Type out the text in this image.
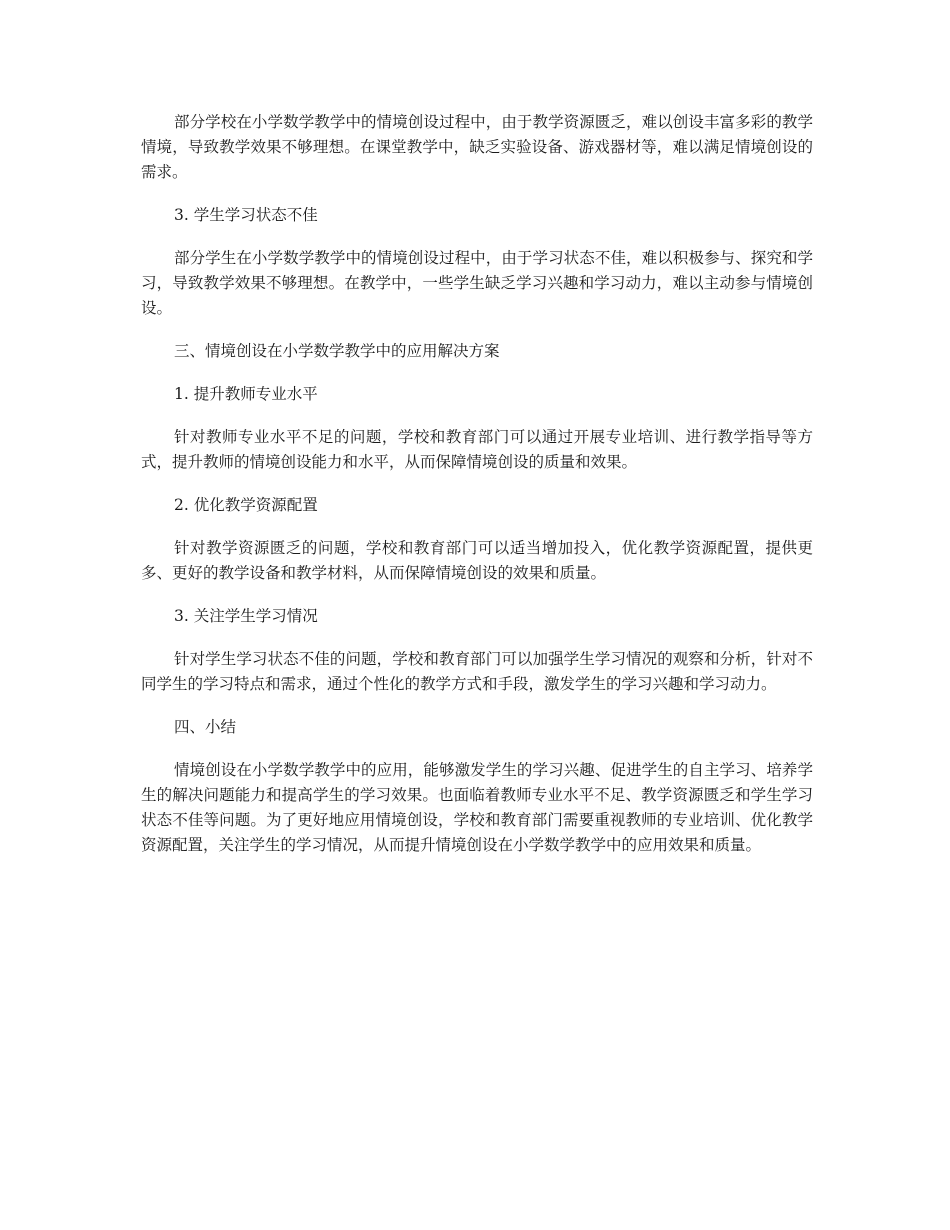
部分学校在小学数学教学中的情境创设过程中，由于教学资源匮乏，难以创设丰富多彩的教学情境，导致教学效果不够理想。在课堂教学中，缺乏实验设备、游戏器材等，难以满足情境创设的需求。

3. 学生学习状态不佳

部分学生在小学数学教学中的情境创设过程中，由于学习状态不佳，难以积极参与、探究和学习，导致教学效果不够理想。在教学中，一些学生缺乏学习兴趣和学习动力，难以主动参与情境创设。

三、情境创设在小学数学教学中的应用解决方案

1. 提升教师专业水平

针对教师专业水平不足的问题，学校和教育部门可以通过开展专业培训、进行教学指导等方式，提升教师的情境创设能力和水平，从而保障情境创设的质量和效果。

2. 优化教学资源配置

针对教学资源匮乏的问题，学校和教育部门可以适当增加投入，优化教学资源配置，提供更多、更好的教学设备和教学材料，从而保障情境创设的效果和质量。

3. 关注学生学习情况

针对学生学习状态不佳的问题，学校和教育部门可以加强学生学习情况的观察和分析，针对不同学生的学习特点和需求，通过个性化的教学方式和手段，激发学生的学习兴趣和学习动力。

四、小结

情境创设在小学数学教学中的应用，能够激发学生的学习兴趣、促进学生的自主学习、培养学生的解决问题能力和提高学生的学习效果。也面临着教师专业水平不足、教学资源匮乏和学生学习状态不佳等问题。为了更好地应用情境创设，学校和教育部门需要重视教师的专业培训、优化教学资源配置，关注学生的学习情况，从而提升情境创设在小学数学教学中的应用效果和质量。
